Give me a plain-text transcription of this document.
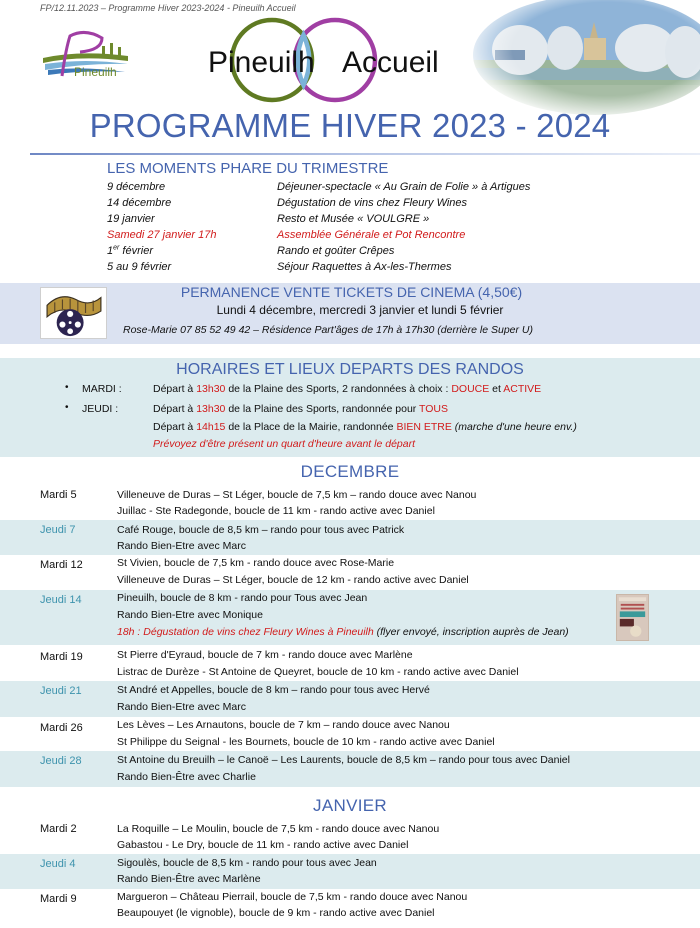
FP/12.11.2023 – Programme Hiver 2023-2024 - Pineuilh Accueil
Pineuilh	Pineuilh Accueil
PROGRAMME HIVER 2023 - 2024
LES MOMENTS PHARE DU TRIMESTRE
9 décembre	Déjeuner-spectacle « Au Grain de Folie » à Artigues
14 décembre	Dégustation de vins chez Fleury Wines
19 janvier	Resto et Musée « VOULGRE »
Samedi 27 janvier 17h	Assemblée Générale et Pot Rencontre
1er février	Rando et goûter Crêpes
5 au 9 février	Séjour Raquettes à Ax-les-Thermes
PERMANENCE VENTE TICKETS DE CINEMA (4,50€)
Lundi 4 décembre, mercredi 3 janvier et lundi 5 février
Rose-Marie 07 85 52 49 42 – Résidence Part'âges de 17h à 17h30 (derrière le Super U)
HORAIRES ET LIEUX DEPARTS DES RANDOS
• MARDI :	Départ à 13h30 de la Plaine des Sports, 2 randonnées à choix : DOUCE et ACTIVE
• JEUDI :	Départ à 13h30 de la Plaine des Sports, randonnée pour TOUS
Départ à 14h15 de la Place de la Mairie, randonnée BIEN ETRE (marche d'une heure env.)
Prévoyez d'être présent un quart d'heure avant le départ
DECEMBRE
Mardi 5	Villeneuve de Duras – St Léger, boucle de 7,5 km – rando douce avec Nanou
Juillac - Ste Radegonde, boucle de 11 km - rando active avec Daniel
Jeudi 7	Café Rouge, boucle de 8,5 km – rando pour tous avec Patrick
Rando Bien-Etre avec Marc
Mardi 12	St Vivien, boucle de 7,5 km - rando douce avec Rose-Marie
Villeneuve de Duras – St Léger, boucle de 12 km - rando active avec Daniel
Jeudi 14	Pineuilh, boucle de 8 km - rando pour Tous avec Jean
Rando Bien-Etre avec Monique
18h : Dégustation de vins chez Fleury Wines à Pineuilh (flyer envoyé, inscription auprès de Jean)
Mardi 19	St Pierre d'Eyraud, boucle de 7 km - rando douce avec Marlène
Listrac de Durèze - St Antoine de Queyret, boucle de 10 km - rando active avec Daniel
Jeudi 21	St André et Appelles, boucle de 8 km – rando pour tous avec Hervé
Rando Bien-Etre avec Marc
Mardi 26	Les Lèves – Les Arnautons, boucle de 7 km – rando douce avec Nanou
St Philippe du Seignal - les Bournets, boucle de 10 km - rando active avec Daniel
Jeudi 28	St Antoine du Breuilh – le Canoë – Les Laurents, boucle de 8,5 km – rando pour tous avec Daniel
Rando Bien-Être avec Charlie
JANVIER
Mardi 2	La Roquille – Le Moulin, boucle de 7,5 km - rando douce avec Nanou
Gabastou - Le Dry, boucle de 11 km - rando active avec Daniel
Jeudi 4	Sigoulès, boucle de 8,5 km - rando pour tous avec Jean
Rando Bien-Être avec Marlène
Mardi 9	Margueron – Château Pierrail, boucle de 7,5 km - rando douce avec Nanou
Beaupouyet (le vignoble), boucle de 9 km - rando active avec Daniel
